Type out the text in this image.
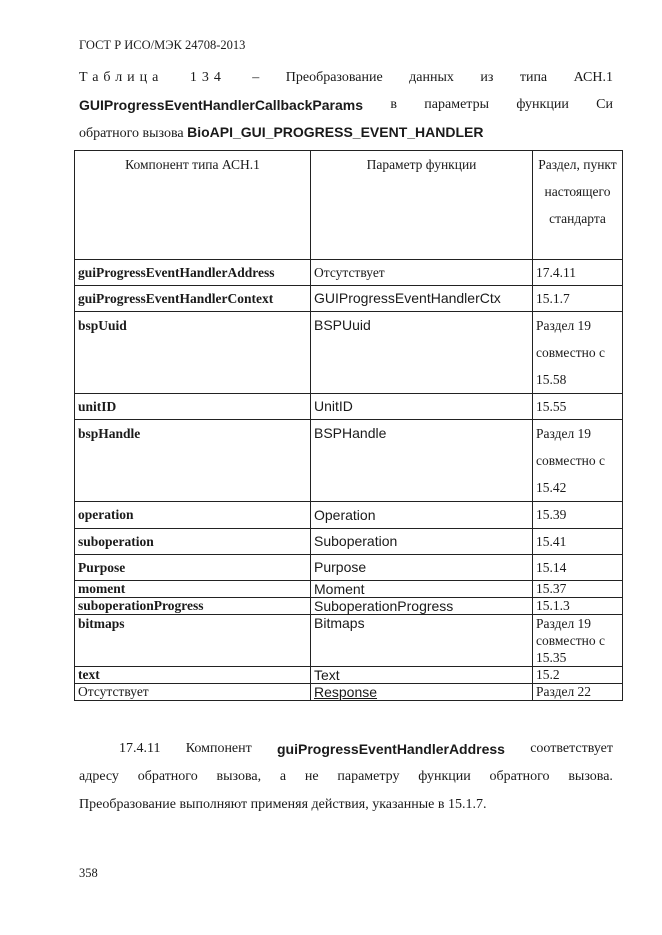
ГОСТ Р ИСО/МЭК 24708-2013
Таблица 134 – Преобразование данных из типа АСН.1
GUIProgressEventHandlerCallbackParams в параметры функции Си
обратного вызова BioAPI_GUI_PROGRESS_EVENT_HANDLER
Компонент типа АСН.1	Параметр функции	Раздел, пункт настоящего стандарта
guiProgressEventHandlerAddress	Отсутствует	17.4.11
guiProgressEventHandlerContext	GUIProgressEventHandlerCtx	15.1.7
bspUuid	BSPUuid	Раздел 19 совместно с 15.58
unitID	UnitID	15.55
bspHandle	BSPHandle	Раздел 19 совместно с 15.42
operation	Operation	15.39
suboperation	Suboperation	15.41
Purpose	Purpose	15.14
moment	Moment	15.37
suboperationProgress	SuboperationProgress	15.1.3
bitmaps	Bitmaps	Раздел 19 совместно с 15.35
text	Text	15.2
Отсутствует	Response	Раздел 22
17.4.11 Компонент guiProgressEventHandlerAddress соответствует
адресу обратного вызова, а не параметру функции обратного вызова.
Преобразование выполняют применяя действия, указанные в 15.1.7.
358
